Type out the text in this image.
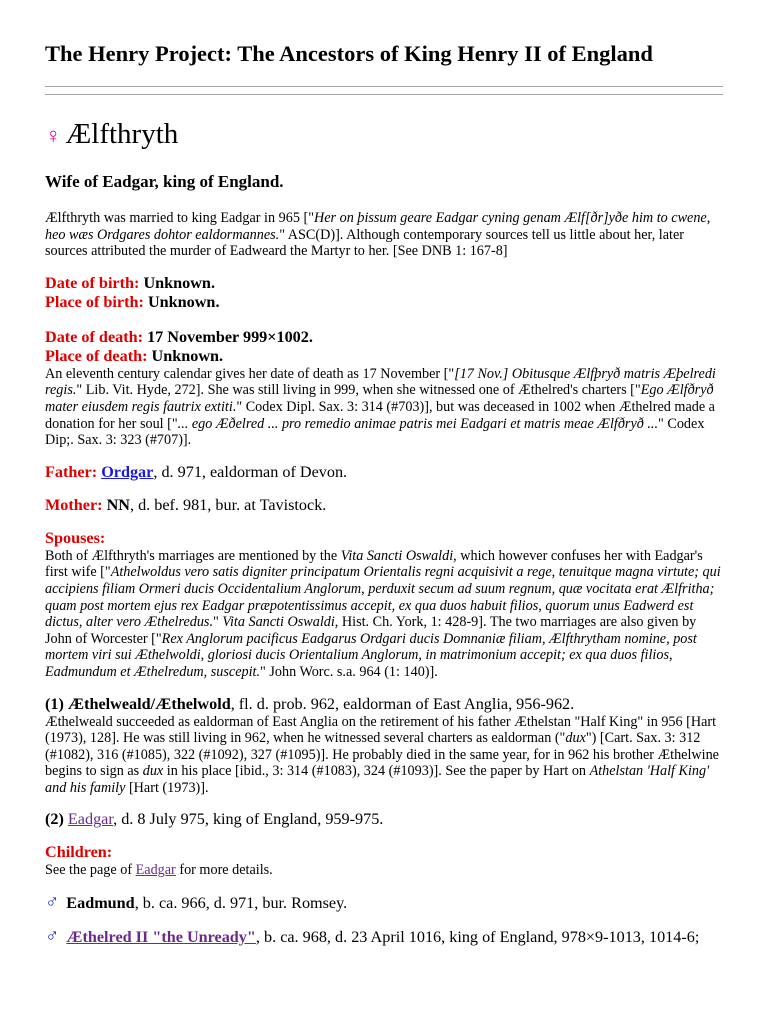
The Henry Project: The Ancestors of King Henry II of England
♀ Ælfthryth
Wife of Eadgar, king of England.

Ælfthryth was married to king Eadgar in 965 ["Her on þissum geare Eadgar cyning genam Ælf[ðr]yðe him to cwene, heo wæs Ordgares dohtor ealdormannes." ASC(D)]. Although contemporary sources tell us little about her, later sources attributed the murder of Eadweard the Martyr to her. [See DNB 1: 167-8]

Date of birth: Unknown.

Place of birth: Unknown.

Date of death: 17 November 999×1002.

Place of death: Unknown.

An eleventh century calendar gives her date of death as 17 November ["[17 Nov.] Obitusque Ælfþryð matris Æþelredi regis." Lib. Vit. Hyde, 272]. She was still living in 999, when she witnessed one of Æthelred's charters ["Ego Ælfðryð mater eiusdem regis fautrix extiti." Codex Dipl. Sax. 3: 314 (#703)], but was deceased in 1002 when Æthelred made a donation for her soul ["... ego Æðelred ... pro remedio animae patris mei Eadgari et matris meae Ælfðryð ..." Codex Dip;. Sax. 3: 323 (#707)].

Father: Ordgar, d. 971, ealdorman of Devon.

Mother: NN, d. bef. 981, bur. at Tavistock.

Spouses:

Both of Ælfthryth's marriages are mentioned by the Vita Sancti Oswaldi, which however confuses her with Eadgar's first wife ["Athelwoldus vero satis digniter principatum Orientalis regni acquisivit a rege, tenuitque magna virtute; qui accipiens filiam Ormeri ducis Occidentalium Anglorum, perduxit secum ad suum regnum, quæ vocitata erat Ælfritha; quam post mortem ejus rex Eadgar præpotentissimus accepit, ex qua duos habuit filios, quorum unus Eadwerd est dictus, alter vero Æthelredus." Vita Sancti Oswaldi, Hist. Ch. York, 1: 428-9]. The two marriages are also given by John of Worcester ["Rex Anglorum pacificus Eadgarus Ordgari ducis Domnaniæ filiam, Ælfthrytham nomine, post mortem viri sui Æthelwoldi, gloriosi ducis Orientalium Anglorum, in matrimonium accepit; ex qua duos filios, Eadmundum et Æthelredum, suscepit." John Worc. s.a. 964 (1: 140)].

(1) Æthelweald/Æthelwold, fl. d. prob. 962, ealdorman of East Anglia, 956-962.

Æthelweald succeeded as ealdorman of East Anglia on the retirement of his father Æthelstan "Half King" in 956 [Hart (1973), 128]. He was still living in 962, when he witnessed several charters as ealdorman ("dux") [Cart. Sax. 3: 312 (#1082), 316 (#1085), 322 (#1092), 327 (#1095)]. He probably died in the same year, for in 962 his brother Æthelwine begins to sign as dux in his place [ibid., 3: 314 (#1083), 324 (#1093)]. See the paper by Hart on Athelstan 'Half King' and his family [Hart (1973)].

(2) Eadgar, d. 8 July 975, king of England, 959-975.

Children:

See the page of Eadgar for more details.

♂ Eadmund, b. ca. 966, d. 971, bur. Romsey.

♂ Æthelred II "the Unready", b. ca. 968, d. 23 April 1016, king of England, 978×9-1013, 1014-6;
